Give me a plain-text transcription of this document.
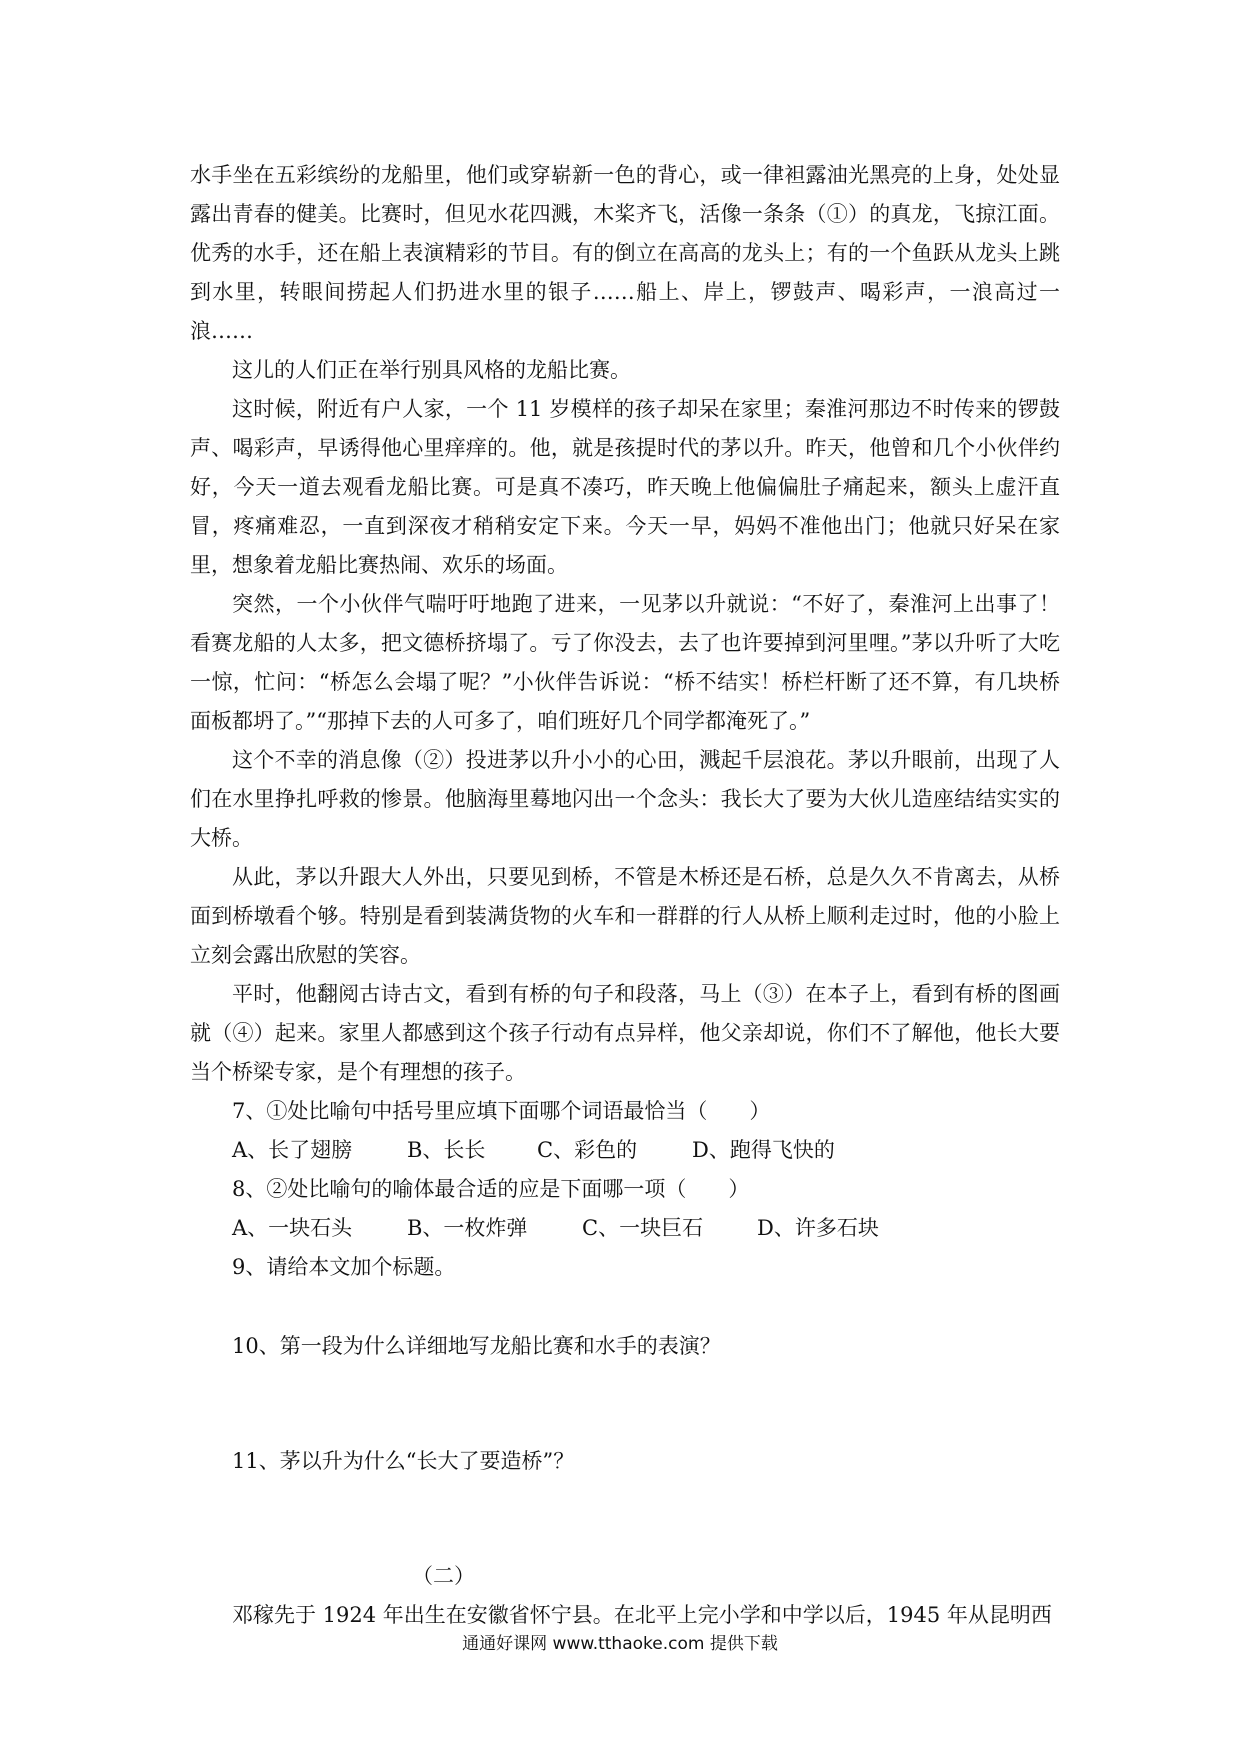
水手坐在五彩缤纷的龙船里，他们或穿崭新一色的背心，或一律袒露油光黑亮的上身，处处显露出青春的健美。比赛时，但见水花四溅，木桨齐飞，活像一条条（①）的真龙，飞掠江面。优秀的水手，还在船上表演精彩的节目。有的倒立在高高的龙头上；有的一个鱼跃从龙头上跳到水里，转眼间捞起人们扔进水里的银子……船上、岸上，锣鼓声、喝彩声，一浪高过一浪……

这儿的人们正在举行别具风格的龙船比赛。

这时候，附近有户人家，一个 11 岁模样的孩子却呆在家里；秦淮河那边不时传来的锣鼓声、喝彩声，早诱得他心里痒痒的。他，就是孩提时代的茅以升。昨天，他曾和几个小伙伴约好，今天一道去观看龙船比赛。可是真不凑巧，昨天晚上他偏偏肚子痛起来，额头上虚汗直冒，疼痛难忍，一直到深夜才稍稍安定下来。今天一早，妈妈不准他出门；他就只好呆在家里，想象着龙船比赛热闹、欢乐的场面。

突然，一个小伙伴气喘吁吁地跑了进来，一见茅以升就说：“不好了，秦淮河上出事了！看赛龙船的人太多，把文德桥挤塌了。亏了你没去，去了也许要掉到河里哩。”茅以升听了大吃一惊，忙问：“桥怎么会塌了呢？”小伙伴告诉说：“桥不结实！桥栏杆断了还不算，有几块桥面板都坍了。”“那掉下去的人可多了，咱们班好几个同学都淹死了。”

这个不幸的消息像（②）投进茅以升小小的心田，溅起千层浪花。茅以升眼前，出现了人们在水里挣扎呼救的惨景。他脑海里蓦地闪出一个念头：我长大了要为大伙儿造座结结实实的大桥。

从此，茅以升跟大人外出，只要见到桥，不管是木桥还是石桥，总是久久不肯离去，从桥面到桥墩看个够。特别是看到装满货物的火车和一群群的行人从桥上顺利走过时，他的小脸上立刻会露出欣慰的笑容。

平时，他翻阅古诗古文，看到有桥的句子和段落，马上（③）在本子上，看到有桥的图画就（④）起来。家里人都感到这个孩子行动有点异样，他父亲却说，你们不了解他，他长大要当个桥梁专家，是个有理想的孩子。

7、①处比喻句中括号里应填下面哪个词语最恰当（　　）

A、长了翅膀	B、长长	C、彩色的	D、跑得飞快的

8、②处比喻句的喻体最合适的应是下面哪一项（　　）

A、一块石头	B、一枚炸弹	C、一块巨石	D、许多石块

9、请给本文加个标题。

10、第一段为什么详细地写龙船比赛和水手的表演？

11、茅以升为什么“长大了要造桥”？

（二）

邓稼先于 1924 年出生在安徽省怀宁县。在北平上完小学和中学以后，1945 年从昆明西

通通好课网 www.tthaoke.com 提供下载
